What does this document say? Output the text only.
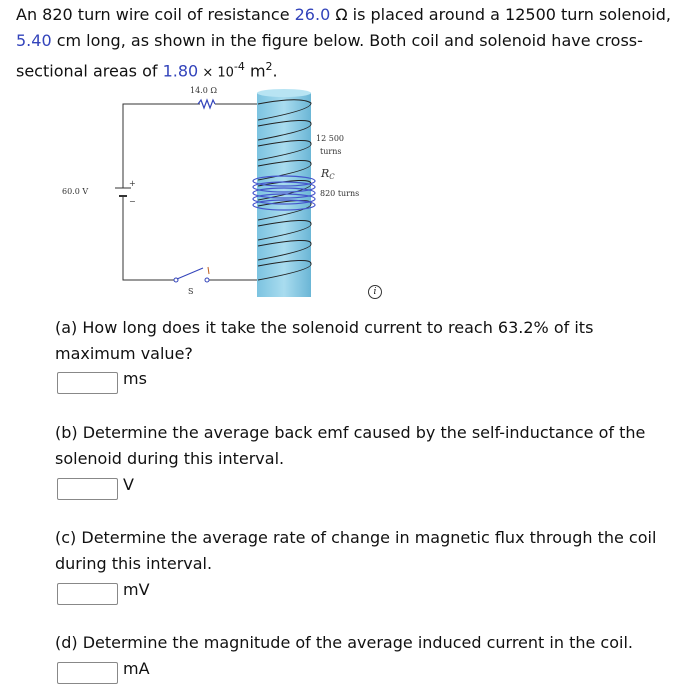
An 820 turn wire coil of resistance 26.0 Ω is placed around a 12500 turn solenoid, 5.40 cm long, as shown in the figure below. Both coil and solenoid have cross-sectional areas of $1.80 \times 10^{-4}$ $m^2$.

14.0 Ω
60.0 V
+
−
12 500
turns
RC
820 turns
S	i

(a) How long does it take the solenoid current to reach 63.2% of its maximum value?

ms

(b) Determine the average back emf caused by the self-inductance of the solenoid during this interval.

V

(c) Determine the average rate of change in magnetic flux through the coil during this interval.

mV

(d) Determine the magnitude of the average induced current in the coil.

mA
